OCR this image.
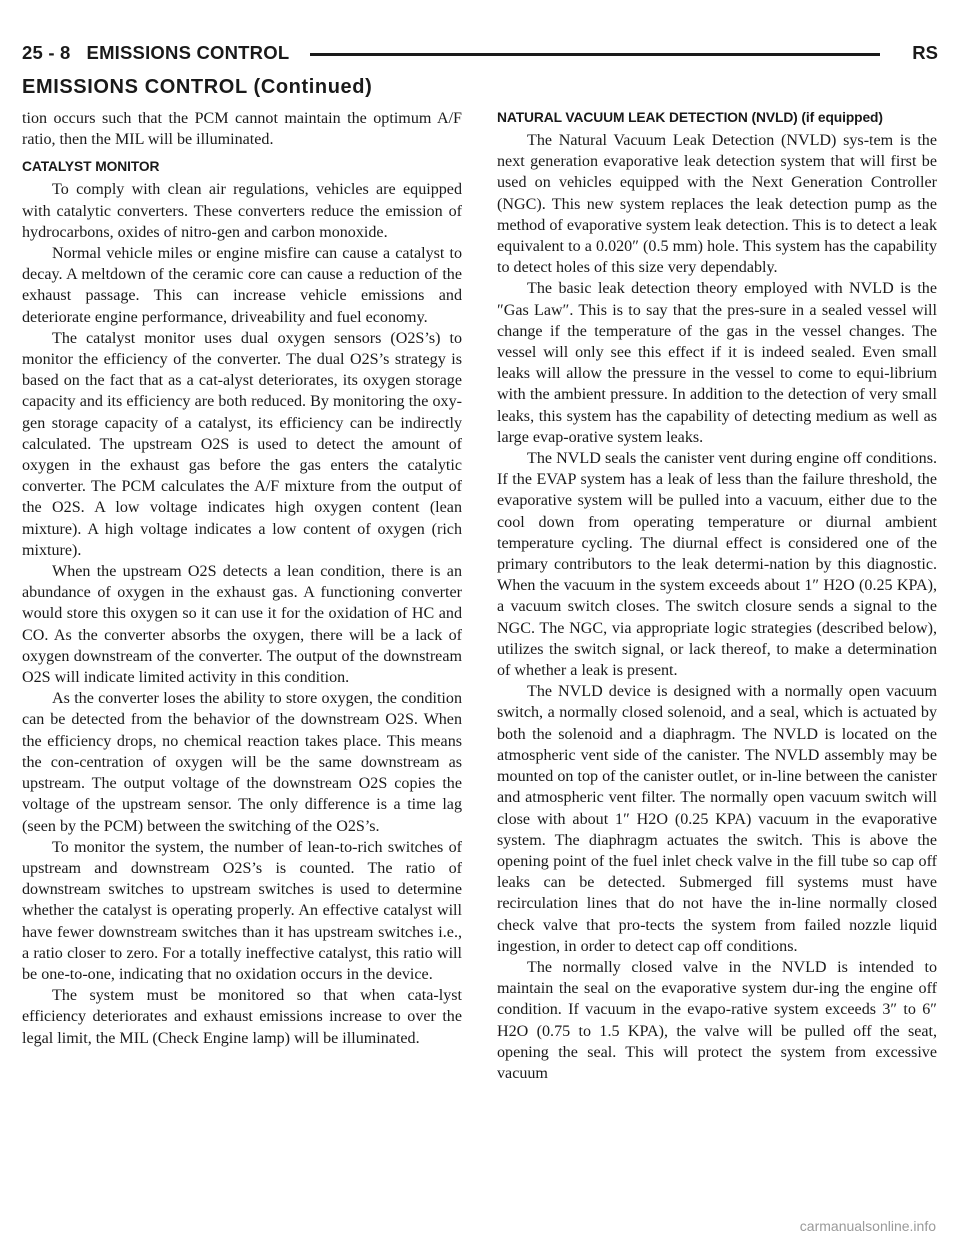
25 - 8   EMISSIONS CONTROL	RS
EMISSIONS CONTROL (Continued)

tion occurs such that the PCM cannot maintain the optimum A/F ratio, then the MIL will be illuminated.

CATALYST MONITOR

To comply with clean air regulations, vehicles are equipped with catalytic converters. These converters reduce the emission of hydrocarbons, oxides of nitro-gen and carbon monoxide.

Normal vehicle miles or engine misfire can cause a catalyst to decay. A meltdown of the ceramic core can cause a reduction of the exhaust passage. This can increase vehicle emissions and deteriorate engine performance, driveability and fuel economy.

The catalyst monitor uses dual oxygen sensors (O2S’s) to monitor the efficiency of the converter. The dual O2S’s strategy is based on the fact that as a cat-alyst deteriorates, its oxygen storage capacity and its efficiency are both reduced. By monitoring the oxy-gen storage capacity of a catalyst, its efficiency can be indirectly calculated. The upstream O2S is used to detect the amount of oxygen in the exhaust gas before the gas enters the catalytic converter. The PCM calculates the A/F mixture from the output of the O2S. A low voltage indicates high oxygen content (lean mixture). A high voltage indicates a low content of oxygen (rich mixture).

When the upstream O2S detects a lean condition, there is an abundance of oxygen in the exhaust gas. A functioning converter would store this oxygen so it can use it for the oxidation of HC and CO. As the converter absorbs the oxygen, there will be a lack of oxygen downstream of the converter. The output of the downstream O2S will indicate limited activity in this condition.

As the converter loses the ability to store oxygen, the condition can be detected from the behavior of the downstream O2S. When the efficiency drops, no chemical reaction takes place. This means the con-centration of oxygen will be the same downstream as upstream. The output voltage of the downstream O2S copies the voltage of the upstream sensor. The only difference is a time lag (seen by the PCM) between the switching of the O2S’s.

To monitor the system, the number of lean-to-rich switches of upstream and downstream O2S’s is counted. The ratio of downstream switches to upstream switches is used to determine whether the catalyst is operating properly. An effective catalyst will have fewer downstream switches than it has upstream switches i.e., a ratio closer to zero. For a totally ineffective catalyst, this ratio will be one-to-one, indicating that no oxidation occurs in the device.

The system must be monitored so that when cata-lyst efficiency deteriorates and exhaust emissions increase to over the legal limit, the MIL (Check Engine lamp) will be illuminated.

NATURAL VACUUM LEAK DETECTION (NVLD) (if equipped)

The Natural Vacuum Leak Detection (NVLD) sys-tem is the next generation evaporative leak detection system that will first be used on vehicles equipped with the Next Generation Controller (NGC). This new system replaces the leak detection pump as the method of evaporative system leak detection. This is to detect a leak equivalent to a 0.020″ (0.5 mm) hole. This system has the capability to detect holes of this size very dependably.

The basic leak detection theory employed with NVLD is the ″Gas Law″. This is to say that the pres-sure in a sealed vessel will change if the temperature of the gas in the vessel changes. The vessel will only see this effect if it is indeed sealed. Even small leaks will allow the pressure in the vessel to come to equi-librium with the ambient pressure. In addition to the detection of very small leaks, this system has the capability of detecting medium as well as large evap-orative system leaks.

The NVLD seals the canister vent during engine off conditions. If the EVAP system has a leak of less than the failure threshold, the evaporative system will be pulled into a vacuum, either due to the cool down from operating temperature or diurnal ambient temperature cycling. The diurnal effect is considered one of the primary contributors to the leak determi-nation by this diagnostic. When the vacuum in the system exceeds about 1″ H2O (0.25 KPA), a vacuum switch closes. The switch closure sends a signal to the NGC. The NGC, via appropriate logic strategies (described below), utilizes the switch signal, or lack thereof, to make a determination of whether a leak is present.

The NVLD device is designed with a normally open vacuum switch, a normally closed solenoid, and a seal, which is actuated by both the solenoid and a diaphragm. The NVLD is located on the atmospheric vent side of the canister. The NVLD assembly may be mounted on top of the canister outlet, or in-line between the canister and atmospheric vent filter. The normally open vacuum switch will close with about 1″ H2O (0.25 KPA) vacuum in the evaporative system. The diaphragm actuates the switch. This is above the opening point of the fuel inlet check valve in the fill tube so cap off leaks can be detected. Submerged fill systems must have recirculation lines that do not have the in-line normally closed check valve that pro-tects the system from failed nozzle liquid ingestion, in order to detect cap off conditions.

The normally closed valve in the NVLD is intended to maintain the seal on the evaporative system dur-ing the engine off condition. If vacuum in the evapo-rative system exceeds 3″ to 6″ H2O (0.75 to 1.5 KPA), the valve will be pulled off the seat, opening the seal. This will protect the system from excessive vacuum

carmanualsonline.info
